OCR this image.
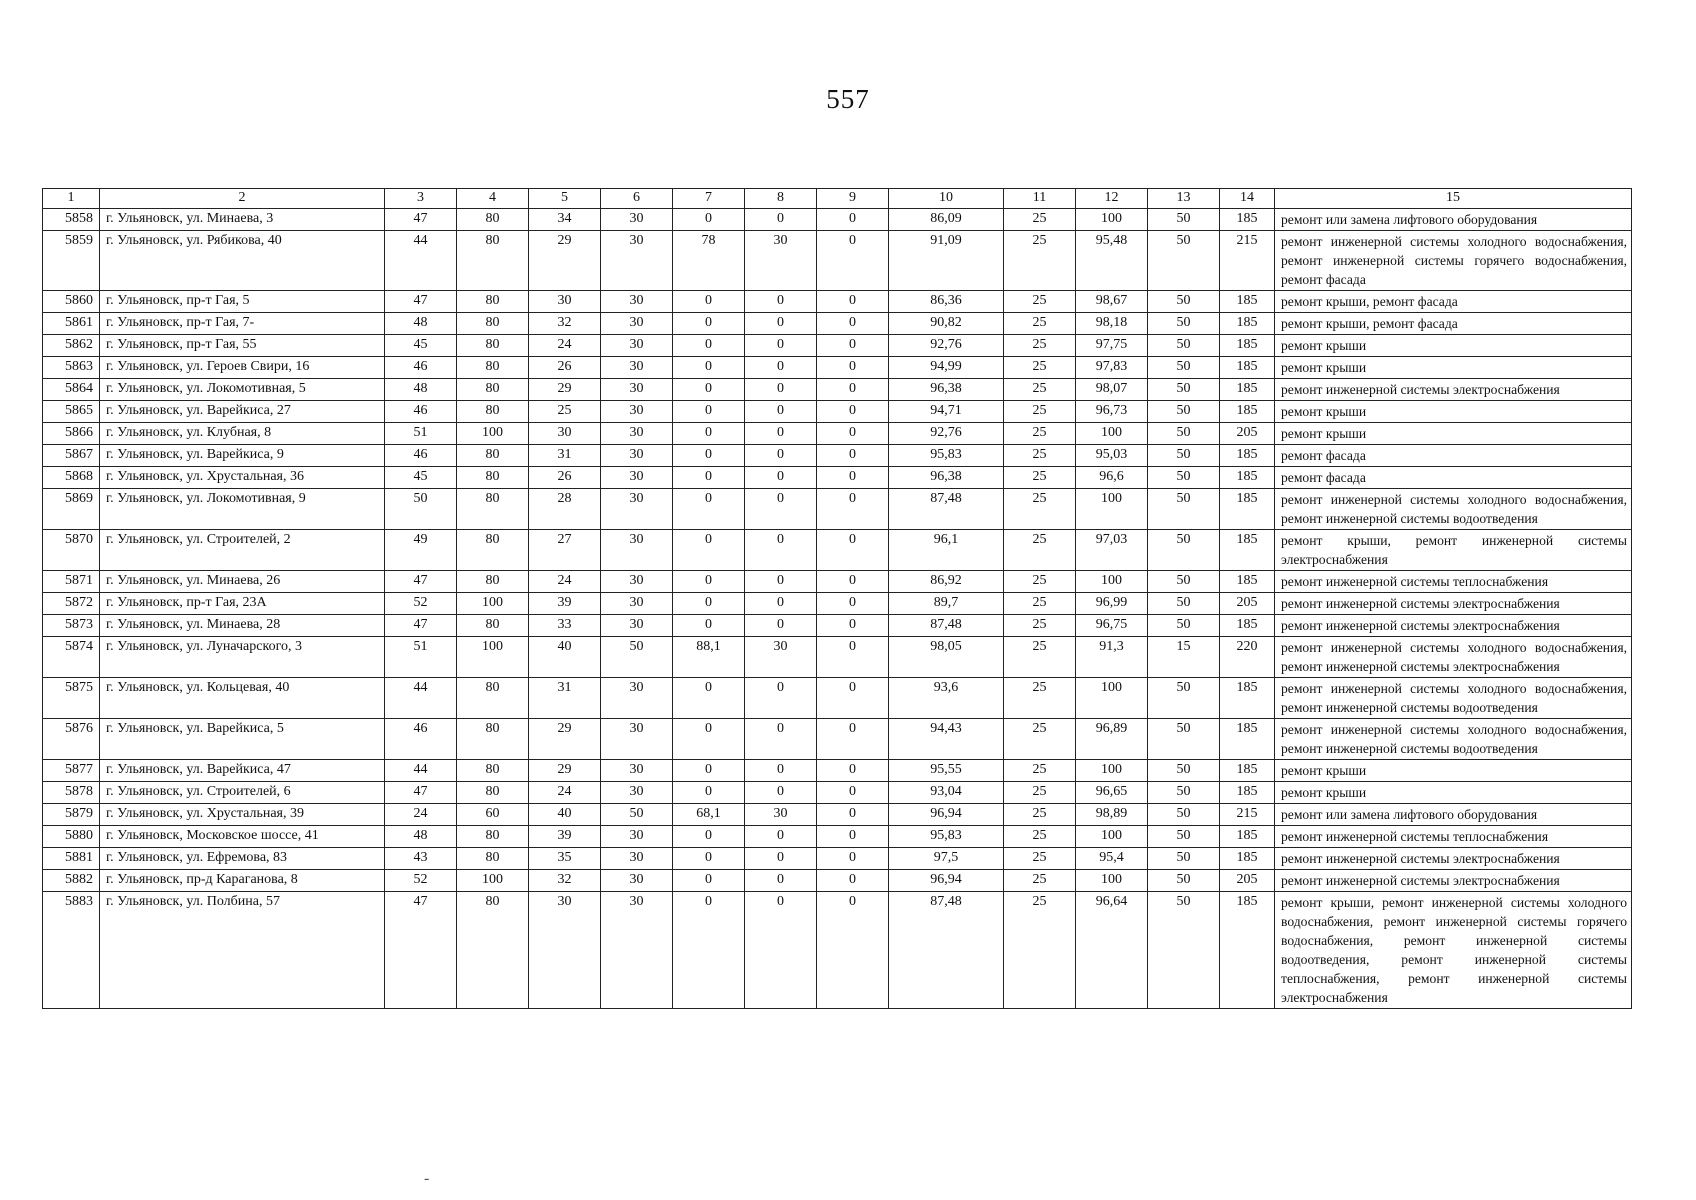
557
1	2	3	4	5	6	7	8	9	10	11	12	13	14	15
5858	г. Ульяновск, ул. Минаева, 3	47	80	34	30	0	0	0	86,09	25	100	50	185	ремонт или замена лифтового оборудования
5859	г. Ульяновск, ул. Рябикова, 40	44	80	29	30	78	30	0	91,09	25	95,48	50	215	ремонт инженерной системы холодного водоснабжения, ремонт инженерной системы горячего водоснабжения, ремонт фасада
5860	г. Ульяновск, пр-т Гая, 5	47	80	30	30	0	0	0	86,36	25	98,67	50	185	ремонт крыши, ремонт фасада
5861	г. Ульяновск, пр-т Гая, 7-	48	80	32	30	0	0	0	90,82	25	98,18	50	185	ремонт крыши, ремонт фасада
5862	г. Ульяновск, пр-т Гая, 55	45	80	24	30	0	0	0	92,76	25	97,75	50	185	ремонт крыши
5863	г. Ульяновск, ул. Героев Свири, 16	46	80	26	30	0	0	0	94,99	25	97,83	50	185	ремонт крыши
5864	г. Ульяновск, ул. Локомотивная, 5	48	80	29	30	0	0	0	96,38	25	98,07	50	185	ремонт инженерной системы электроснабжения
5865	г. Ульяновск, ул. Варейкиса, 27	46	80	25	30	0	0	0	94,71	25	96,73	50	185	ремонт крыши
5866	г. Ульяновск, ул. Клубная, 8	51	100	30	30	0	0	0	92,76	25	100	50	205	ремонт крыши
5867	г. Ульяновск, ул. Варейкиса, 9	46	80	31	30	0	0	0	95,83	25	95,03	50	185	ремонт фасада
5868	г. Ульяновск, ул. Хрустальная, 36	45	80	26	30	0	0	0	96,38	25	96,6	50	185	ремонт фасада
5869	г. Ульяновск, ул. Локомотивная, 9	50	80	28	30	0	0	0	87,48	25	100	50	185	ремонт инженерной системы холодного водоснабжения, ремонт инженерной системы водоотведения
5870	г. Ульяновск, ул. Строителей, 2	49	80	27	30	0	0	0	96,1	25	97,03	50	185	ремонт крыши, ремонт инженерной системы электроснабжения
5871	г. Ульяновск, ул. Минаева, 26	47	80	24	30	0	0	0	86,92	25	100	50	185	ремонт инженерной системы теплоснабжения
5872	г. Ульяновск, пр-т Гая, 23А	52	100	39	30	0	0	0	89,7	25	96,99	50	205	ремонт инженерной системы электроснабжения
5873	г. Ульяновск, ул. Минаева, 28	47	80	33	30	0	0	0	87,48	25	96,75	50	185	ремонт инженерной системы электроснабжения
5874	г. Ульяновск, ул. Луначарского, 3	51	100	40	50	88,1	30	0	98,05	25	91,3	15	220	ремонт инженерной системы холодного водоснабжения, ремонт инженерной системы электроснабжения
5875	г. Ульяновск, ул. Кольцевая, 40	44	80	31	30	0	0	0	93,6	25	100	50	185	ремонт инженерной системы холодного водоснабжения, ремонт инженерной системы водоотведения
5876	г. Ульяновск, ул. Варейкиса, 5	46	80	29	30	0	0	0	94,43	25	96,89	50	185	ремонт инженерной системы холодного водоснабжения, ремонт инженерной системы водоотведения
5877	г. Ульяновск, ул. Варейкиса, 47	44	80	29	30	0	0	0	95,55	25	100	50	185	ремонт крыши
5878	г. Ульяновск, ул. Строителей, 6	47	80	24	30	0	0	0	93,04	25	96,65	50	185	ремонт крыши
5879	г. Ульяновск, ул. Хрустальная, 39	24	60	40	50	68,1	30	0	96,94	25	98,89	50	215	ремонт или замена лифтового оборудования
5880	г. Ульяновск, Московское шоссе, 41	48	80	39	30	0	0	0	95,83	25	100	50	185	ремонт инженерной системы теплоснабжения
5881	г. Ульяновск, ул. Ефремова, 83	43	80	35	30	0	0	0	97,5	25	95,4	50	185	ремонт инженерной системы электроснабжения
5882	г. Ульяновск, пр-д Караганова, 8	52	100	32	30	0	0	0	96,94	25	100	50	205	ремонт инженерной системы электроснабжения
5883	г. Ульяновск, ул. Полбина, 57	47	80	30	30	0	0	0	87,48	25	96,64	50	185	ремонт крыши, ремонт инженерной системы холодного водоснабжения, ремонт инженерной системы горячего водоснабжения, ремонт инженерной системы водоотведения, ремонт инженерной системы теплоснабжения, ремонт инженерной системы электроснабжения
-
